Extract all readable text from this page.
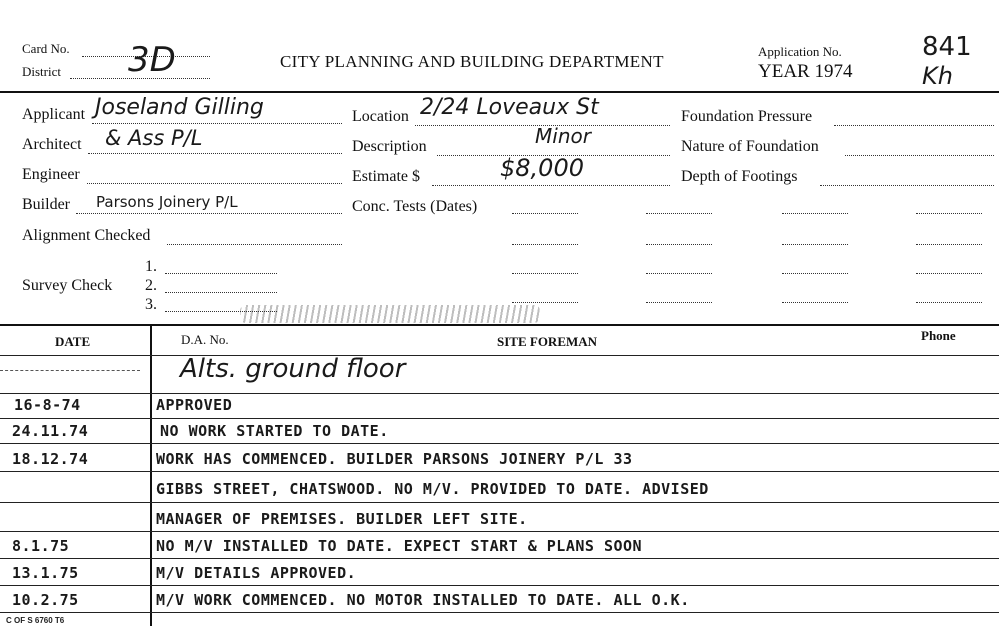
Card No.
District 3D	CITY PLANNING AND BUILDING DEPARTMENT
Application No.
YEAR 1974
841
Kh
Applicant Joseland Gilling
Architect & Ass P/L
Engineer
Builder Parsons Joinery P/L
Alignment Checked
1.
Survey Check 2.
3.
Location 2/24 Loveaux St
Description	Minor
Estimate $	$8,000
Conc. Tests (Dates)
Foundation Pressure
Nature of Foundation
Depth of Footings
DATE	D.A. No.	SITE FOREMAN	Phone
Alts. ground floor
16-8-74	APPROVED
24.11.74	NO WORK STARTED TO DATE.
18.12.74	WORK HAS COMMENCED. BUILDER PARSONS JOINERY P/L 33
GIBBS STREET, CHATSWOOD. NO M/V. PROVIDED TO DATE. ADVISED
MANAGER OF PREMISES. BUILDER LEFT SITE.
8.1.75	NO M/V INSTALLED TO DATE. EXPECT START & PLANS SOON
13.1.75	M/V DETAILS APPROVED.
10.2.75	M/V WORK COMMENCED. NO MOTOR INSTALLED TO DATE. ALL O.K.
C OF S 6760 T6
